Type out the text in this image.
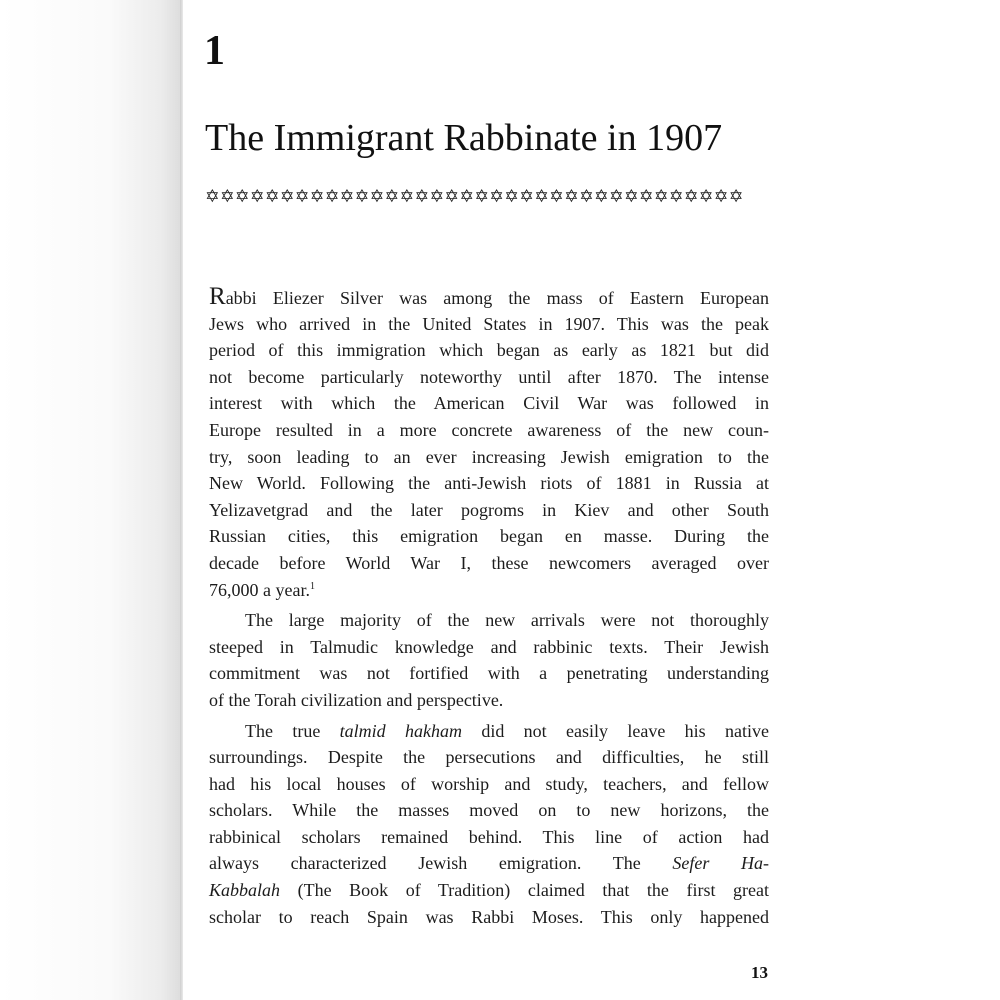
1
The Immigrant Rabbinate in 1907
✡✡✡✡✡✡✡✡✡✡✡✡✡✡✡✡✡✡✡✡✡✡✡✡✡✡✡✡✡✡✡✡✡✡✡✡
Rabbi Eliezer Silver was among the mass of Eastern European
Jews who arrived in the United States in 1907. This was the peak
period of this immigration which began as early as 1821 but did
not become particularly noteworthy until after 1870. The intense
interest with which the American Civil War was followed in
Europe resulted in a more concrete awareness of the new coun-
try, soon leading to an ever increasing Jewish emigration to the
New World. Following the anti-Jewish riots of 1881 in Russia at
Yelizavetgrad and the later pogroms in Kiev and other South
Russian cities, this emigration began en masse. During the
decade before World War I, these newcomers averaged over
76,000 a year.$^1$
The large majority of the new arrivals were not thoroughly
steeped in Talmudic knowledge and rabbinic texts. Their Jewish
commitment was not fortified with a penetrating understanding
of the Torah civilization and perspective.
The true talmid hakham did not easily leave his native
surroundings. Despite the persecutions and difficulties, he still
had his local houses of worship and study, teachers, and fellow
scholars. While the masses moved on to new horizons, the
rabbinical scholars remained behind. This line of action had
always characterized Jewish emigration. The Sefer Ha-
Kabbalah (The Book of Tradition) claimed that the first great
scholar to reach Spain was Rabbi Moses. This only happened
13
